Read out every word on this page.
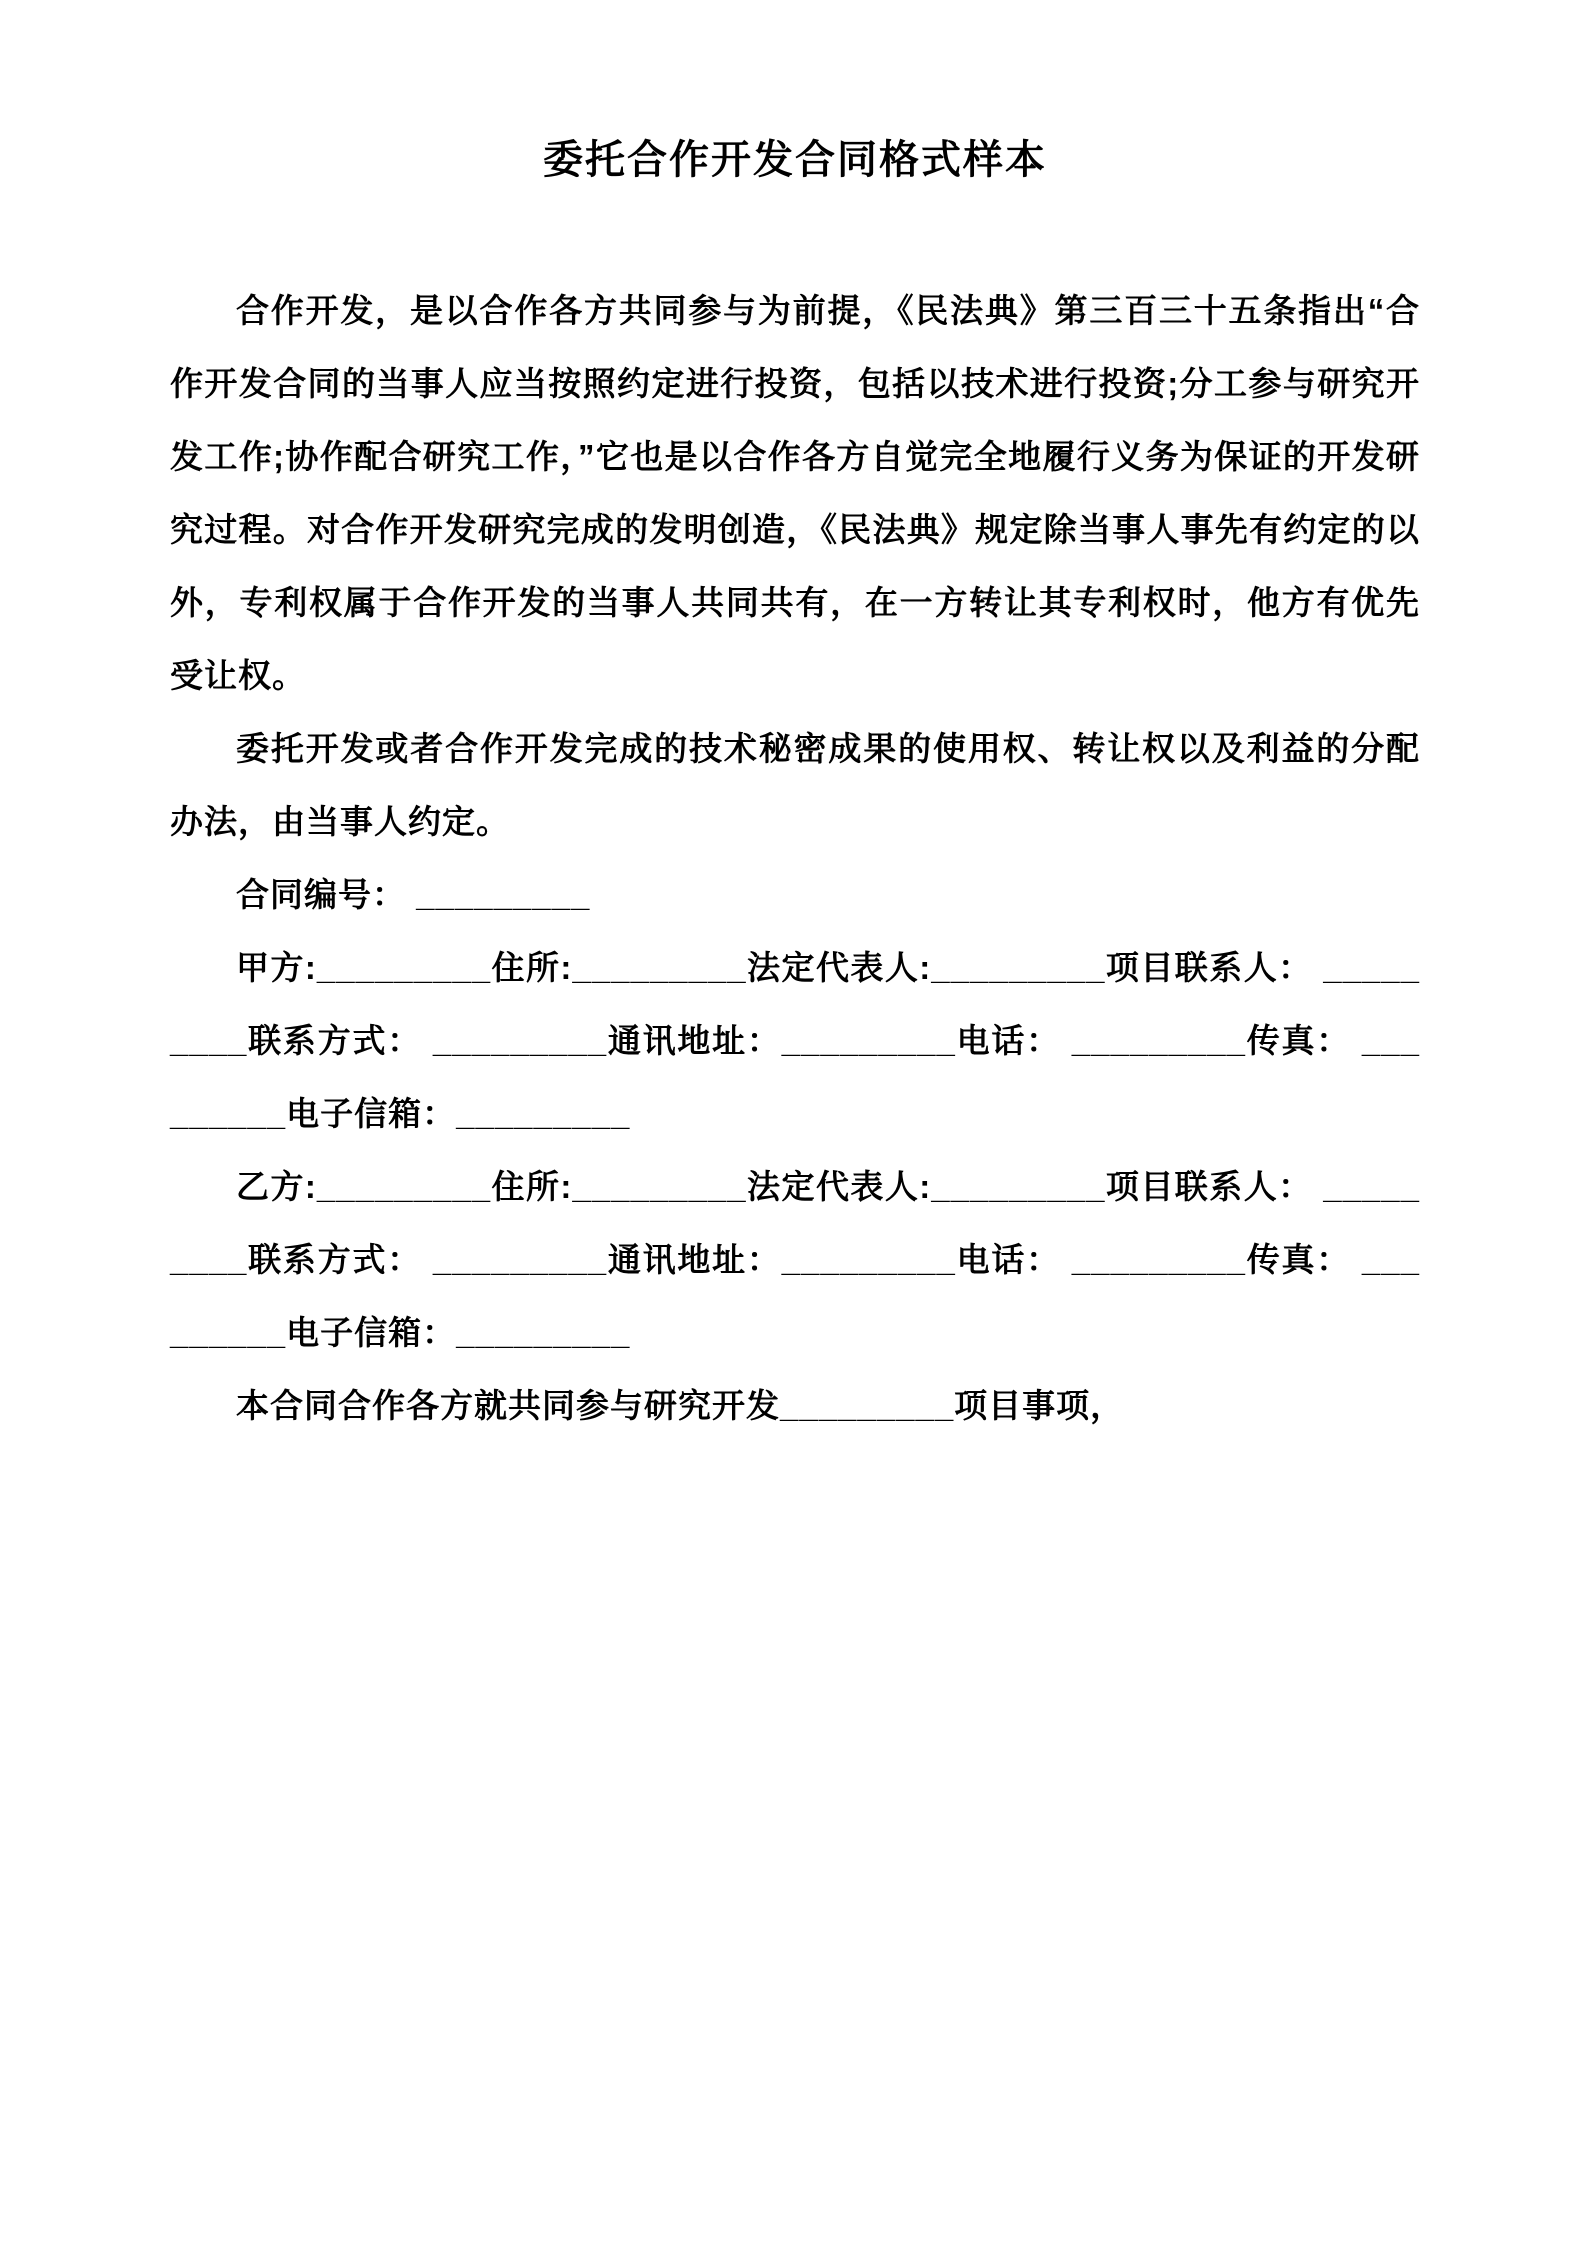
委托合作开发合同格式样本

合作开发，是以合作各方共同参与为前提，《民法典》第三百三十五条指出“合作开发合同的当事人应当按照约定进行投资，包括以技术进行投资;分工参与研究开发工作;协作配合研究工作，”它也是以合作各方自觉完全地履行义务为保证的开发研究过程。对合作开发研究完成的发明创造，《民法典》规定除当事人事先有约定的以外，专利权属于合作开发的当事人共同共有，在一方转让其专利权时，他方有优先受让权。

委托开发或者合作开发完成的技术秘密成果的使用权、转让权以及利益的分配办法，由当事人约定。

合同编号： _________

甲方:_________住所:_________法定代表人:_________项目联系人： _________联系方式： _________通讯地址：_________电话： _________传真： _________电子信箱：_________

乙方:_________住所:_________法定代表人:_________项目联系人： _________联系方式： _________通讯地址：_________电话： _________传真： _________电子信箱：_________

本合同合作各方就共同参与研究开发_________项目事项，
